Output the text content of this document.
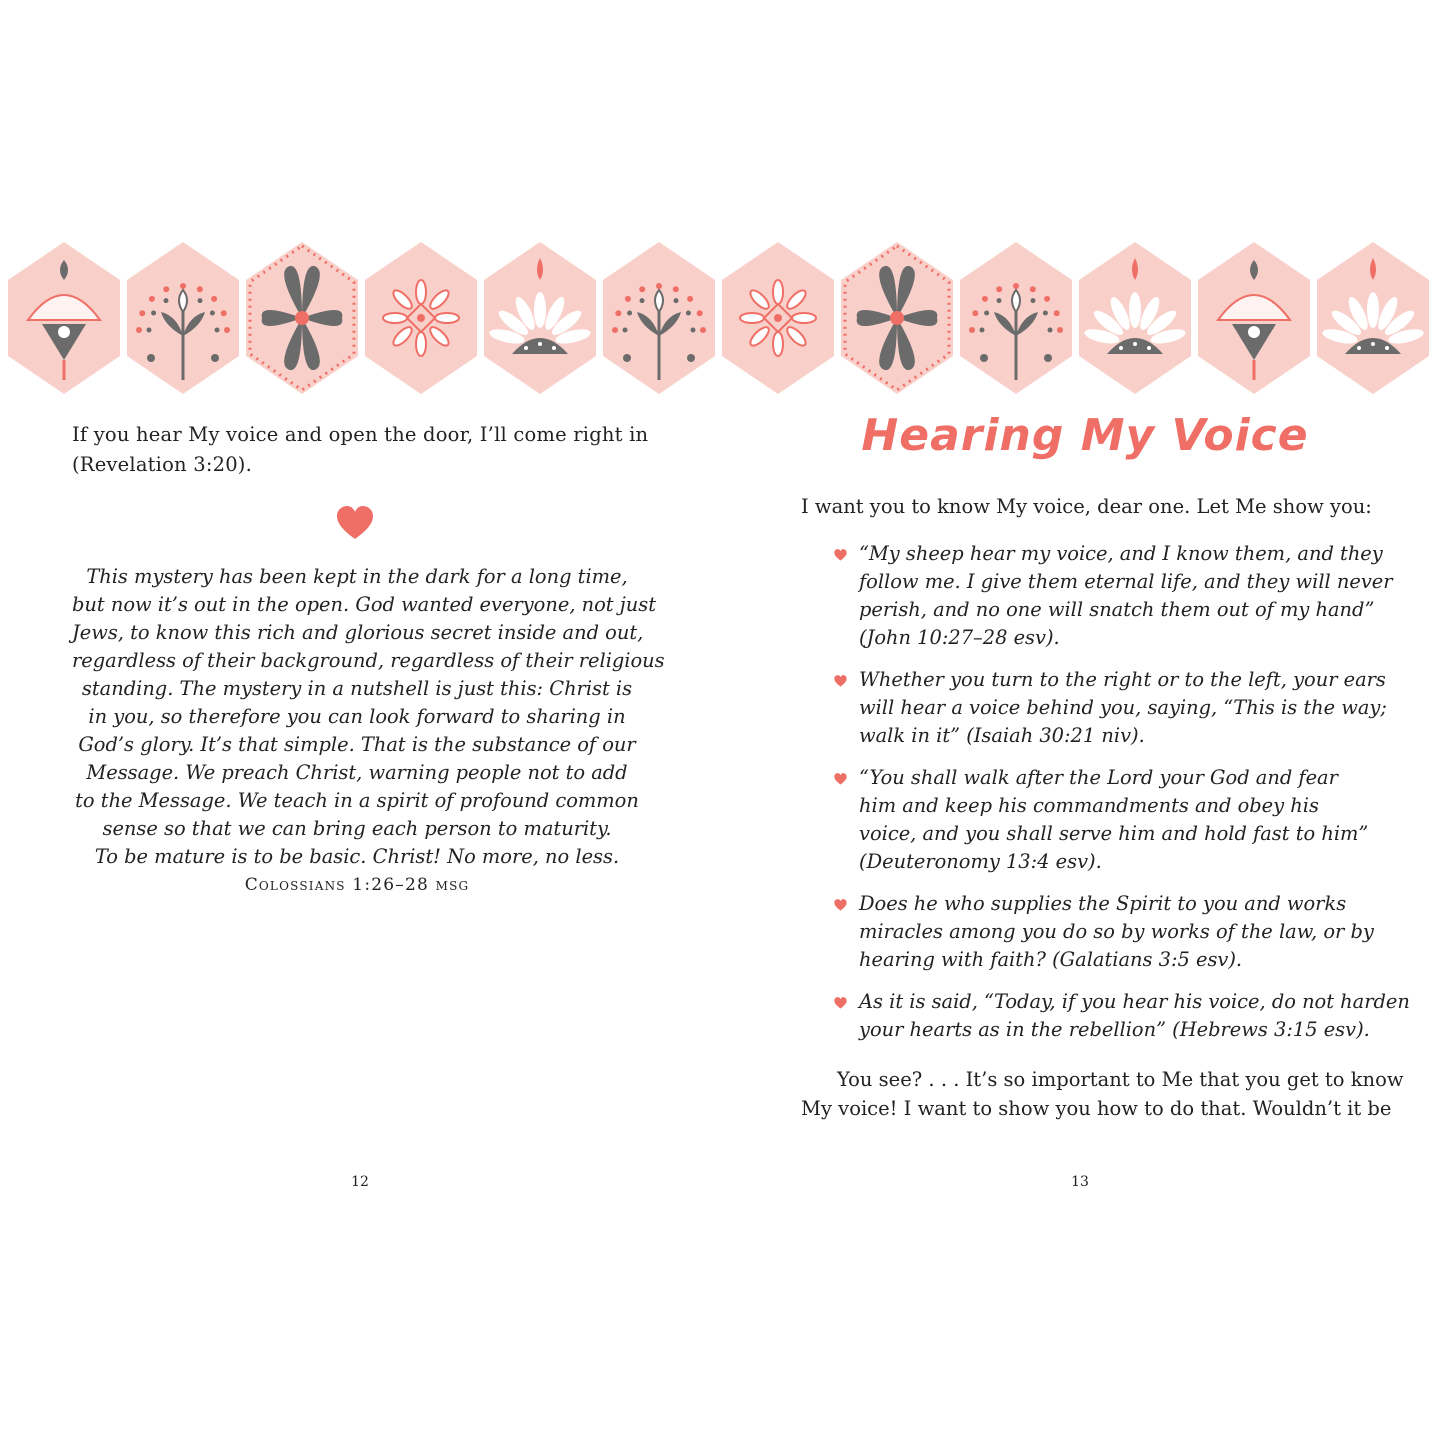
If you hear My voice and open the door, I’ll come right in
(Revelation 3:20).

This mystery has been kept in the dark for a long time,
but now it’s out in the open. God wanted everyone, not just
Jews, to know this rich and glorious secret inside and out,
regardless of their background, regardless of their religious
standing. The mystery in a nutshell is just this: Christ is
in you, so therefore you can look forward to sharing in
God’s glory. It’s that simple. That is the substance of our
Message. We preach Christ, warning people not to add
to the Message. We teach in a spirit of profound common
sense so that we can bring each person to maturity.
To be mature is to be basic. Christ! No more, no less.
Colossians 1:26–28 msg
12
Hearing My Voice

I want you to know My voice, dear one. Let Me show you:

“My sheep hear my voice, and I know them, and they
follow me. I give them eternal life, and they will never
perish, and no one will snatch them out of my hand”
(John 10:27–28 esv).
Whether you turn to the right or to the left, your ears
will hear a voice behind you, saying, “This is the way;
walk in it” (Isaiah 30:21 niv).
“You shall walk after the Lord your God and fear
him and keep his commandments and obey his
voice, and you shall serve him and hold fast to him”
(Deuteronomy 13:4 esv).
Does he who supplies the Spirit to you and works
miracles among you do so by works of the law, or by
hearing with faith? (Galatians 3:5 esv).
As it is said, “Today, if you hear his voice, do not harden
your hearts as in the rebellion” (Hebrews 3:15 esv).

You see? . . . It’s so important to Me that you get to know
My voice! I want to show you how to do that. Wouldn’t it be

13
